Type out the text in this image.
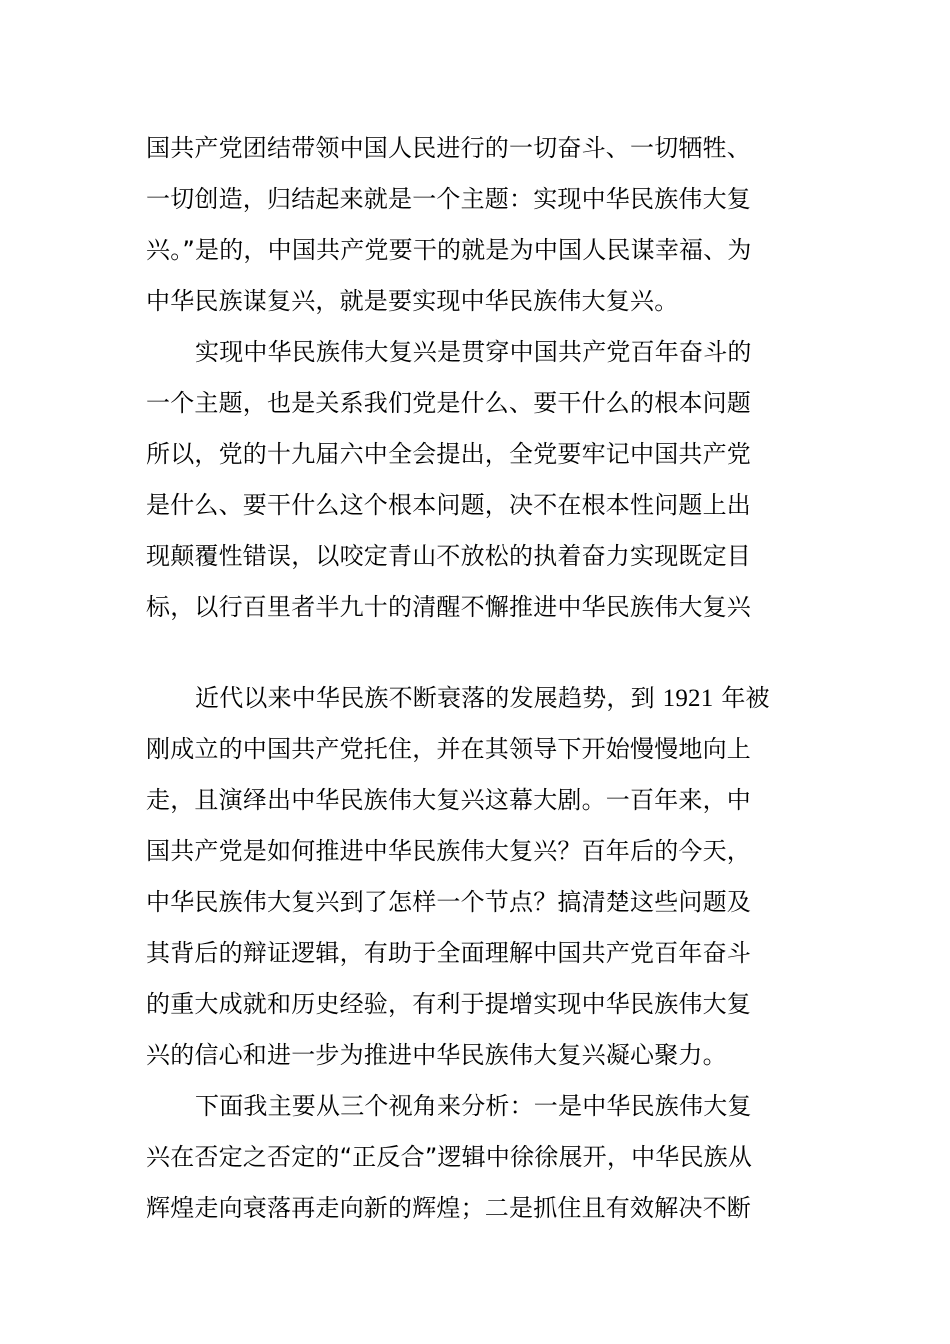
国共产党团结带领中国人民进行的一切奋斗、一切牺牲、
一切创造，归结起来就是一个主题：实现中华民族伟大复
兴。”是的，中国共产党要干的就是为中国人民谋幸福、为
中华民族谋复兴，就是要实现中华民族伟大复兴。
实现中华民族伟大复兴是贯穿中国共产党百年奋斗的
一个主题，也是关系我们党是什么、要干什么的根本问题
所以，党的十九届六中全会提出，全党要牢记中国共产党
是什么、要干什么这个根本问题，决不在根本性问题上出
现颠覆性错误，以咬定青山不放松的执着奋力实现既定目
标，以行百里者半九十的清醒不懈推进中华民族伟大复兴
近代以来中华民族不断衰落的发展趋势，到 1921 年被
刚成立的中国共产党托住，并在其领导下开始慢慢地向上
走，且演绎出中华民族伟大复兴这幕大剧。一百年来，中
国共产党是如何推进中华民族伟大复兴？百年后的今天，
中华民族伟大复兴到了怎样一个节点？搞清楚这些问题及
其背后的辩证逻辑，有助于全面理解中国共产党百年奋斗
的重大成就和历史经验，有利于提增实现中华民族伟大复
兴的信心和进一步为推进中华民族伟大复兴凝心聚力。
下面我主要从三个视角来分析：一是中华民族伟大复
兴在否定之否定的“正反合”逻辑中徐徐展开，中华民族从
辉煌走向衰落再走向新的辉煌；二是抓住且有效解决不断
